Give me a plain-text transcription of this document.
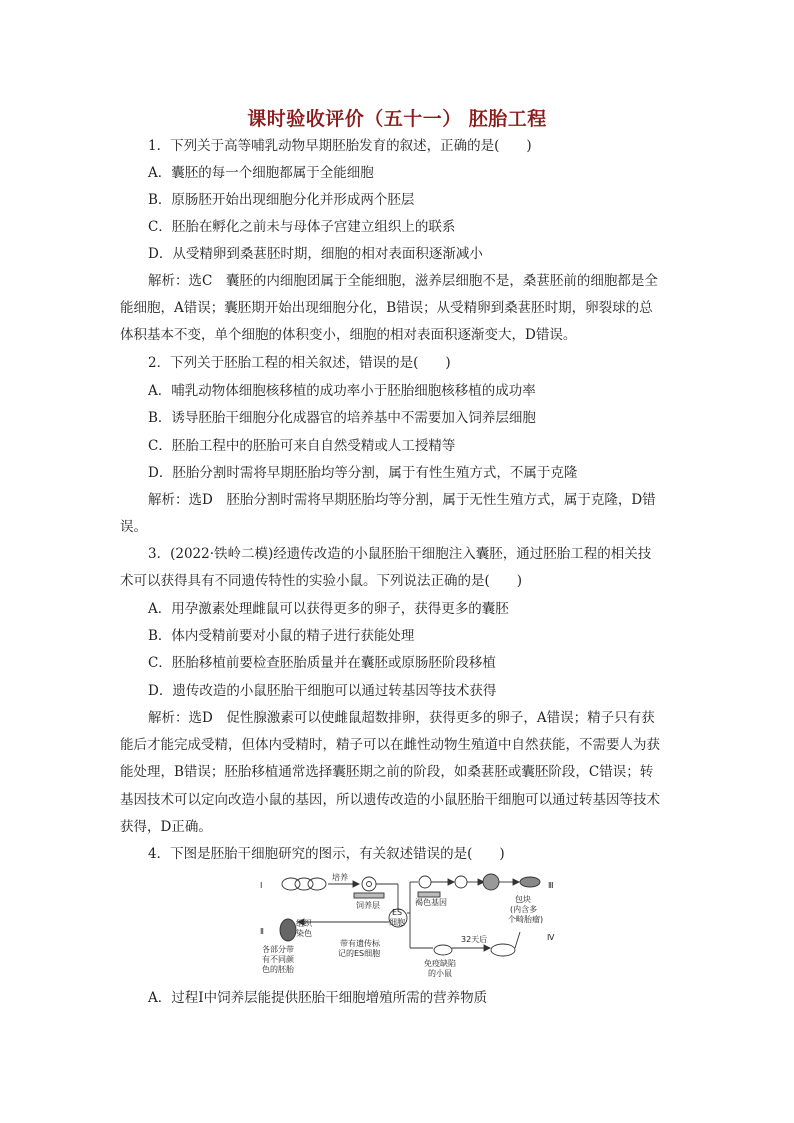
课时验收评价（五十一） 胚胎工程
1．下列关于高等哺乳动物早期胚胎发育的叙述，正确的是(　　)
A．囊胚的每一个细胞都属于全能细胞
B．原肠胚开始出现细胞分化并形成两个胚层
C．胚胎在孵化之前未与母体子宫建立组织上的联系
D．从受精卵到桑葚胚时期，细胞的相对表面积逐渐减小
解析：选C　囊胚的内细胞团属于全能细胞，滋养层细胞不是，桑葚胚前的细胞都是全
能细胞，A错误；囊胚期开始出现细胞分化，B错误；从受精卵到桑葚胚时期，卵裂球的总
体积基本不变，单个细胞的体积变小，细胞的相对表面积逐渐变大，D错误。
2．下列关于胚胎工程的相关叙述，错误的是(　　)
A．哺乳动物体细胞核移植的成功率小于胚胎细胞核移植的成功率
B．诱导胚胎干细胞分化成器官的培养基中不需要加入饲养层细胞
C．胚胎工程中的胚胎可来自自然受精或人工授精等
D．胚胎分割时需将早期胚胎均等分割，属于有性生殖方式，不属于克隆
解析：选D　胚胎分割时需将早期胚胎均等分割，属于无性生殖方式，属于克隆，D错
误。
3．(2022·铁岭二模)经遗传改造的小鼠胚胎干细胞注入囊胚，通过胚胎工程的相关技
术可以获得具有不同遗传特性的实验小鼠。下列说法正确的是(　　)
A．用孕激素处理雌鼠可以获得更多的卵子，获得更多的囊胚
B．体内受精前要对小鼠的精子进行获能处理
C．胚胎移植前要检查胚胎质量并在囊胚或原肠胚阶段移植
D．遗传改造的小鼠胚胎干细胞可以通过转基因等技术获得
解析：选D　促性腺激素可以使雌鼠超数排卵，获得更多的卵子，A错误；精子只有获
能后才能完成受精，但体内受精时，精子可以在雌性动物生殖道中自然获能，不需要人为获
能处理，B错误；胚胎移植通常选择囊胚期之前的阶段，如桑葚胚或囊胚阶段，C错误；转
基因技术可以定向改造小鼠的基因，所以遗传改造的小鼠胚胎干细胞可以通过转基因等技术
获得，D正确。
4．下图是胚胎干细胞研究的图示，有关叙述错误的是(　　)
Ⅰ
Ⅱ
Ⅲ
Ⅳ
培养
饲养层
ES
细胞
褐色基因
32天后
包块
(内含多
个畸胎瘤)
组织
染色
各部分带
有不同颜
色的胚胎
带有遗传标
记的ES细胞
免疫缺陷
的小鼠
A．过程Ⅰ中饲养层能提供胚胎干细胞增殖所需的营养物质
